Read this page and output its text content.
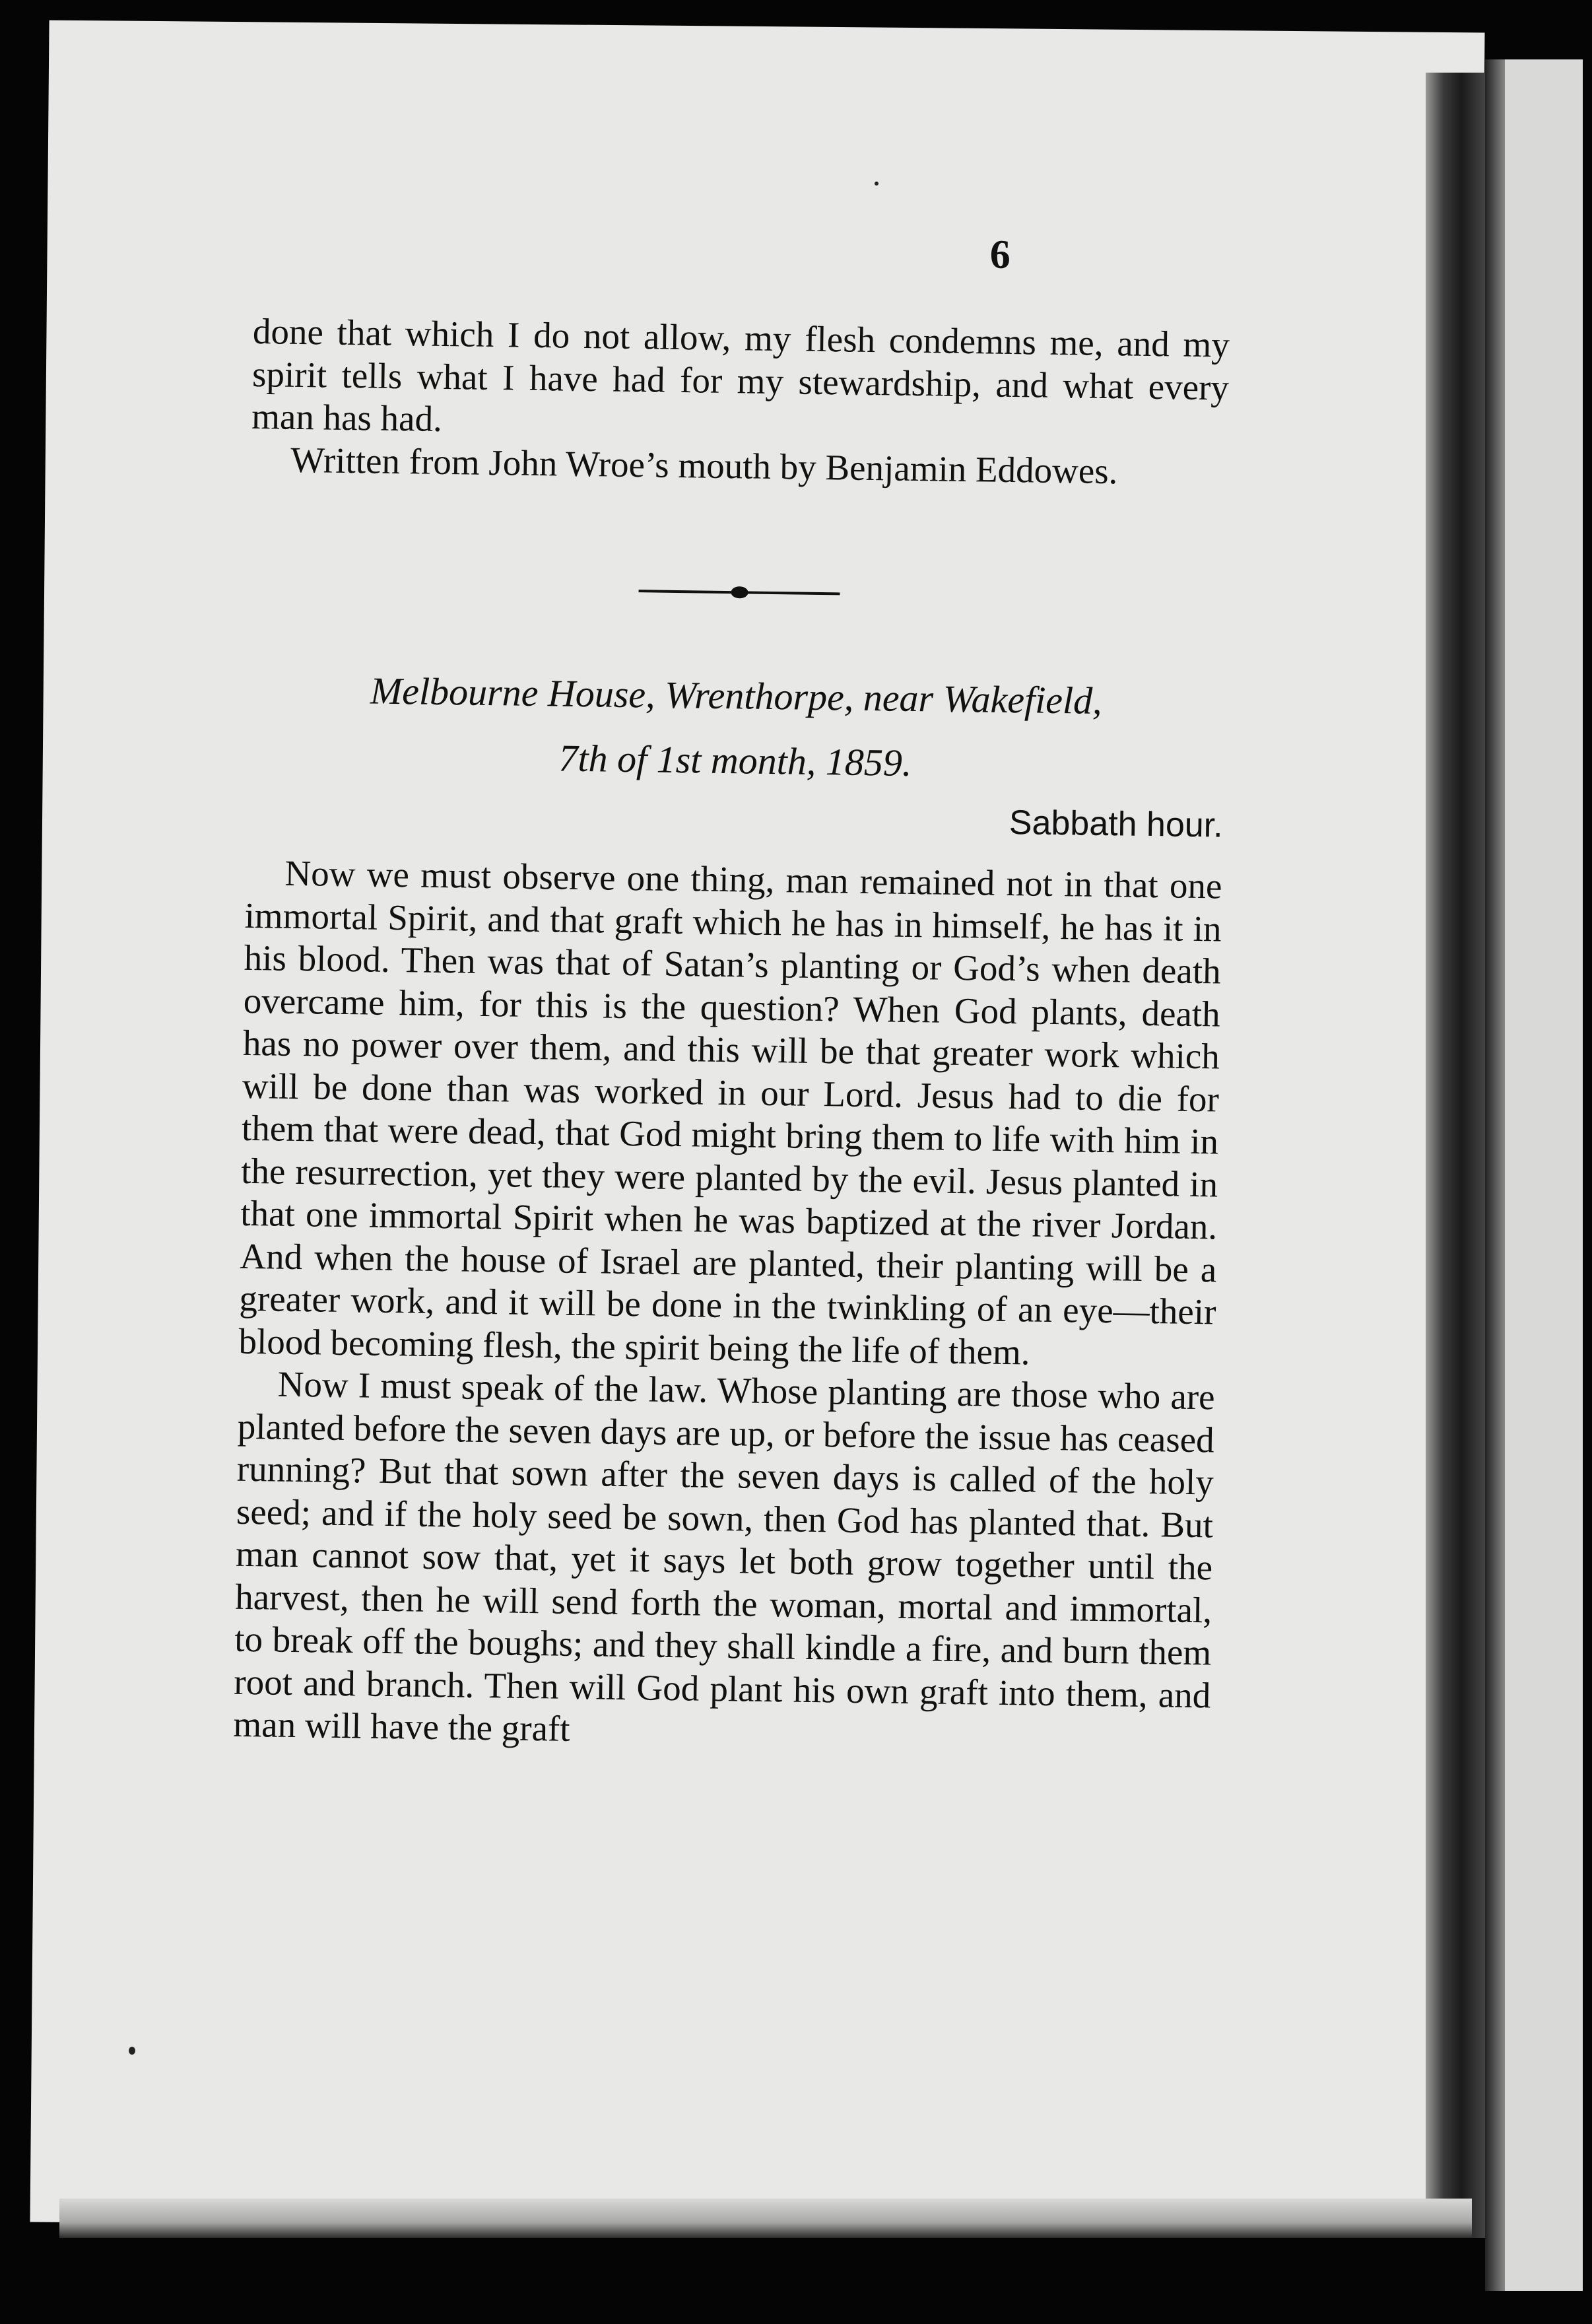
6

done that which I do not allow, my flesh condemns me, and my spirit tells what I have had for my stewardship, and what every man has had.

Written from John Wroe’s mouth by Benjamin Eddowes.

Melbourne House, Wrenthorpe, near Wakefield,
7th of 1st month, 1859.
Sabbath hour.

Now we must observe one thing, man remained not in that one immortal Spirit, and that graft which he has in himself, he has it in his blood. Then was that of Satan’s planting or God’s when death overcame him, for this is the question? When God plants, death has no power over them, and this will be that greater work which will be done than was worked in our Lord. Jesus had to die for them that were dead, that God might bring them to life with him in the resurrection, yet they were planted by the evil. Jesus planted in that one immortal Spirit when he was baptized at the river Jordan. And when the house of Israel are planted, their planting will be a greater work, and it will be done in the twinkling of an eye—their blood becoming flesh, the spirit being the life of them.

Now I must speak of the law. Whose planting are those who are planted before the seven days are up, or before the issue has ceased running? But that sown after the seven days is called of the holy seed; and if the holy seed be sown, then God has planted that. But man cannot sow that, yet it says let both grow together until the harvest, then he will send forth the woman, mortal and immortal, to break off the boughs; and they shall kindle a fire, and burn them root and branch. Then will God plant his own graft into them, and man will have the graft
